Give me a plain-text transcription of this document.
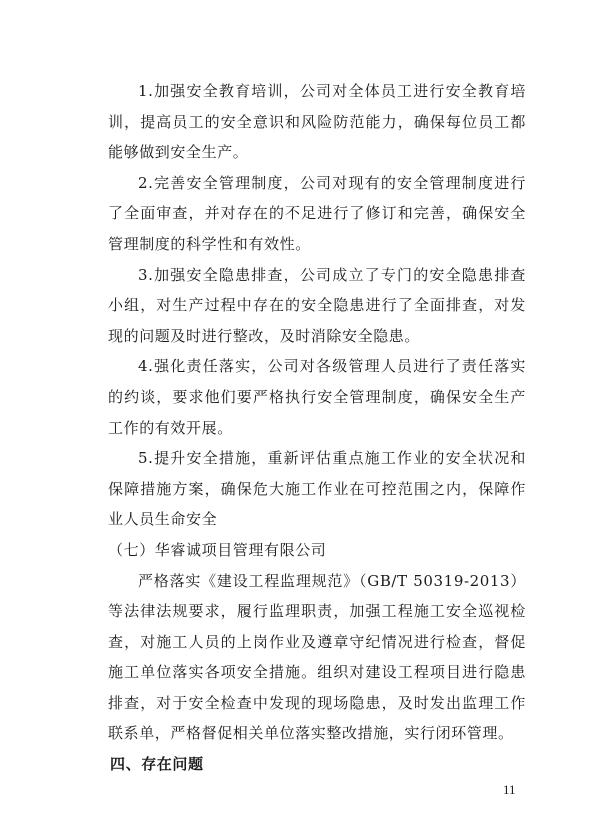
1.加强安全教育培训，公司对全体员工进行安全教育培训，提高员工的安全意识和风险防范能力，确保每位员工都能够做到安全生产。

2.完善安全管理制度，公司对现有的安全管理制度进行了全面审查，并对存在的不足进行了修订和完善，确保安全管理制度的科学性和有效性。

3.加强安全隐患排查，公司成立了专门的安全隐患排查小组，对生产过程中存在的安全隐患进行了全面排查，对发现的问题及时进行整改，及时消除安全隐患。

4.强化责任落实，公司对各级管理人员进行了责任落实的约谈，要求他们要严格执行安全管理制度，确保安全生产工作的有效开展。

5.提升安全措施，重新评估重点施工作业的安全状况和保障措施方案，确保危大施工作业在可控范围之内，保障作业人员生命安全

（七）华睿诚项目管理有限公司

严格落实《建设工程监理规范》（GB/T 50319-2013）等法律法规要求，履行监理职责，加强工程施工安全巡视检查，对施工人员的上岗作业及遵章守纪情况进行检查，督促施工单位落实各项安全措施。组织对建设工程项目进行隐患排查，对于安全检查中发现的现场隐患，及时发出监理工作联系单，严格督促相关单位落实整改措施，实行闭环管理。

四、存在问题

11
